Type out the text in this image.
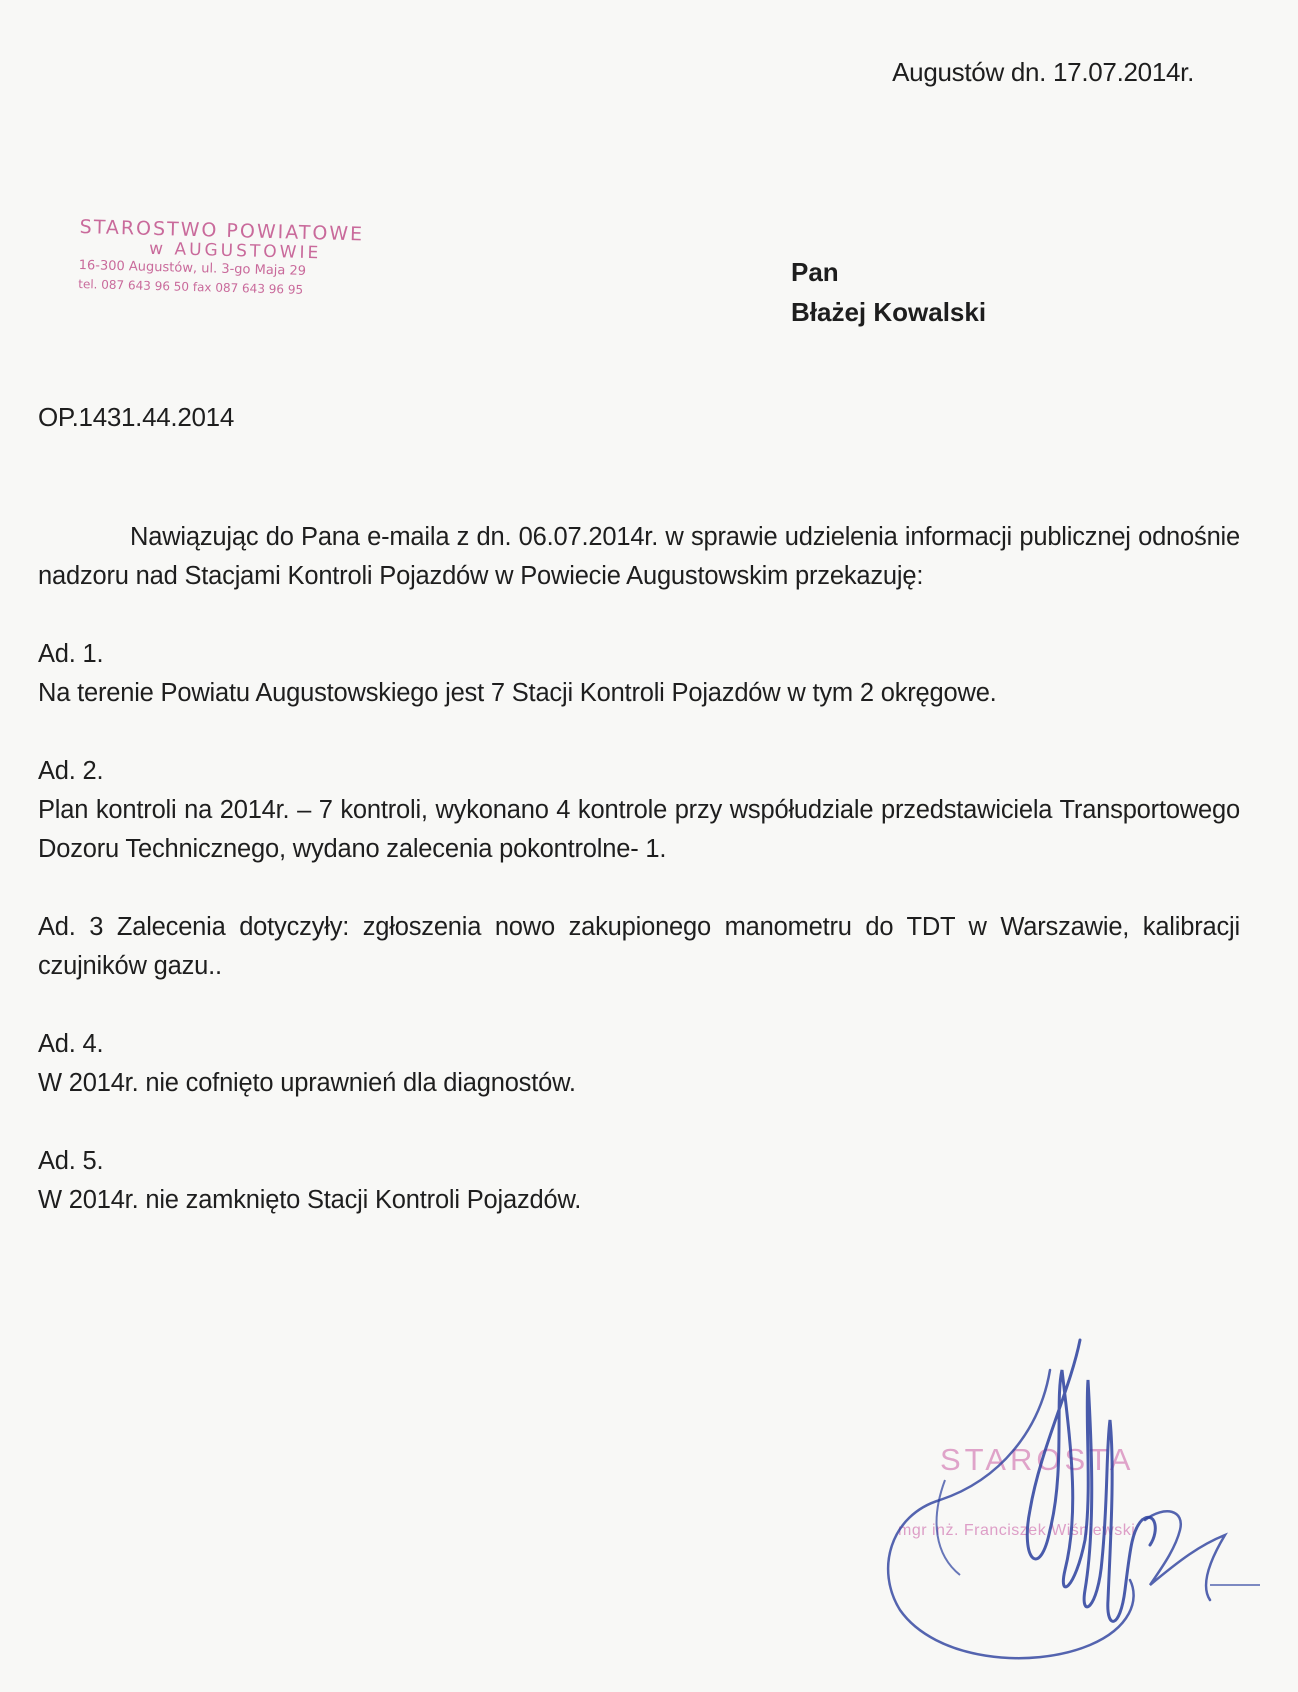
Augustów dn. 17.07.2014r.
STAROSTWO POWIATOWE
w AUGUSTOWIE
16-300 Augustów, ul. 3-go Maja 29
tel. 087 643 96 50 fax 087 643 96 95	Pan
Błażej Kowalski
OP.1431.44.2014

Nawiązując do Pana e-maila z dn. 06.07.2014r. w sprawie udzielenia informacji publicznej odnośnie nadzoru nad Stacjami Kontroli Pojazdów w Powiecie Augustowskim przekazuję:

Ad. 1.

Na terenie Powiatu Augustowskiego jest 7 Stacji Kontroli Pojazdów w tym 2 okręgowe.

Ad. 2.

Plan kontroli na 2014r. – 7 kontroli, wykonano 4 kontrole przy współudziale przedstawiciela Transportowego Dozoru Technicznego, wydano zalecenia pokontrolne- 1.

Ad. 3 Zalecenia dotyczyły: zgłoszenia nowo zakupionego manometru do TDT w Warszawie, kalibracji czujników gazu..

Ad. 4.

W 2014r. nie cofnięto uprawnień dla diagnostów.

Ad. 5.

W 2014r. nie zamknięto Stacji Kontroli Pojazdów.

STAROSTA
mgr inż. Franciszek Wiśniewski
